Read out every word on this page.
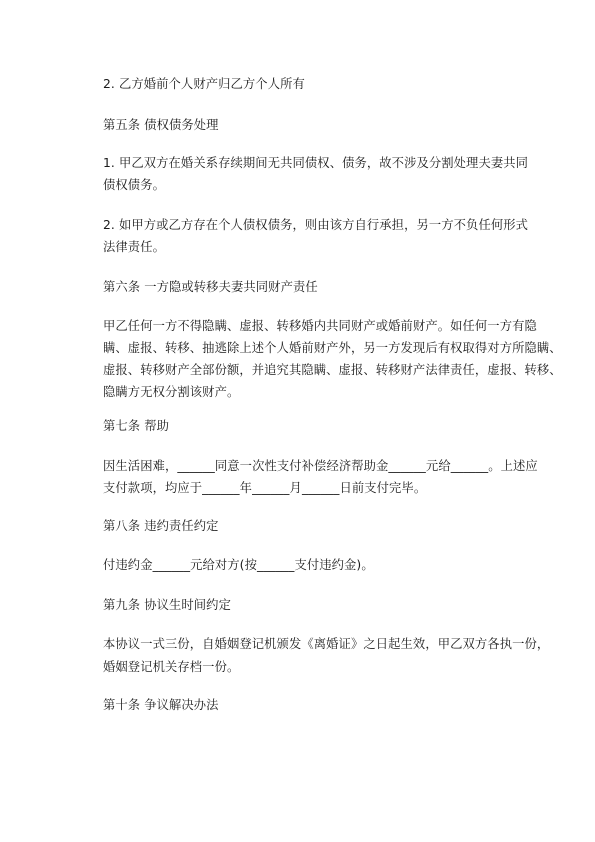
2. 乙方婚前个人财产归乙方个人所有
第五条 债权债务处理
1. 甲乙双方在婚关系存续期间无共同债权、债务，故不涉及分割处理夫妻共同
债权债务。
2. 如甲方或乙方存在个人债权债务，则由该方自行承担，另一方不负任何形式
法律责任。
第六条 一方隐或转移夫妻共同财产责任
甲乙任何一方不得隐瞒、虚报、转移婚内共同财产或婚前财产。如任何一方有隐
瞒、虚报、转移、抽逃除上述个人婚前财产外，另一方发现后有权取得对方所隐瞒、
虚报、转移财产全部份额，并追究其隐瞒、虚报、转移财产法律责任，虚报、转移、
隐瞒方无权分割该财产。
第七条 帮助
因生活困难，______同意一次性支付补偿经济帮助金______元给______。上述应
支付款项，均应于______年______月______日前支付完毕。
第八条 违约责任约定
付违约金______元给对方(按______支付违约金)。
第九条 协议生时间约定
本协议一式三份，自婚姻登记机颁发《离婚证》之日起生效，甲乙双方各执一份，
婚姻登记机关存档一份。
第十条 争议解决办法
